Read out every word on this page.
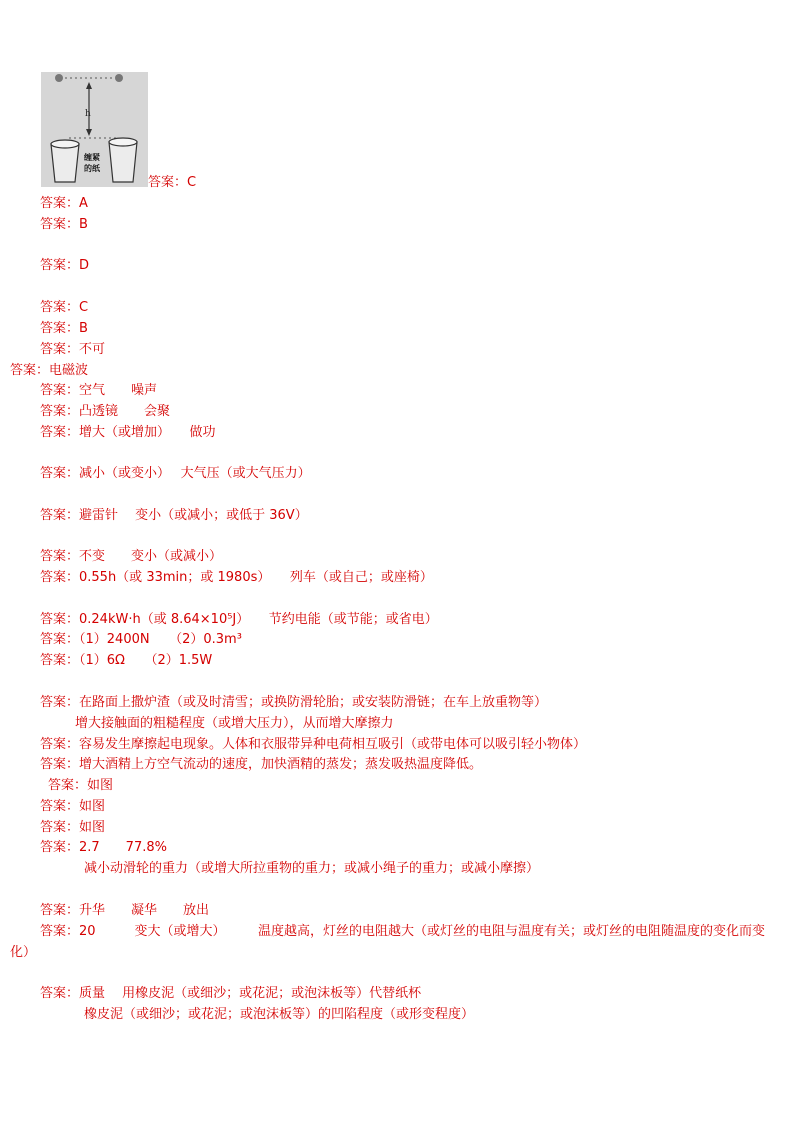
h
缠紧
的纸
答案：C
答案：A
答案：B
答案：D
答案：C
答案：B
答案：不可
答案：电磁波
答案：空气　　噪声
答案：凸透镜　　会聚
答案：增大（或增加）　　做功
答案：减小（或变小）　 大气压（或大气压力）
答案：避雷针　 变小（或减小；或低于 36V）
答案：不变　　变小（或减小）
答案：0.55h（或 33min；或 1980s）　　列车（或自己；或座椅）
答案：0.24kW·h（或 8.64×10⁵J）　　节约电能（或节能；或省电）
答案：（1）2400N　　（2）0.3m³
答案：（1）6Ω　　（2）1.5W
答案：在路面上撒炉渣（或及时清雪；或换防滑轮胎；或安装防滑链；在车上放重物等）
增大接触面的粗糙程度（或增大压力），从而增大摩擦力
答案：容易发生摩擦起电现象。人体和衣服带异种电荷相互吸引（或带电体可以吸引轻小物体）
答案：增大酒精上方空气流动的速度，加快酒精的蒸发；蒸发吸热温度降低。
答案：如图
答案：如图
答案：如图
答案：2.7　　77.8%
减小动滑轮的重力（或增大所拉重物的重力；或减小绳子的重力；或减小摩擦）
答案：升华　　凝华　　放出
答案：20　　　变大（或增大）　　　温度越高，灯丝的电阻越大（或灯丝的电阻与温度有关；或灯丝的电阻随温度的变化而变化）
答案：质量　 用橡皮泥（或细沙；或花泥；或泡沫板等）代替纸杯
橡皮泥（或细沙；或花泥；或泡沫板等）的凹陷程度（或形变程度）
